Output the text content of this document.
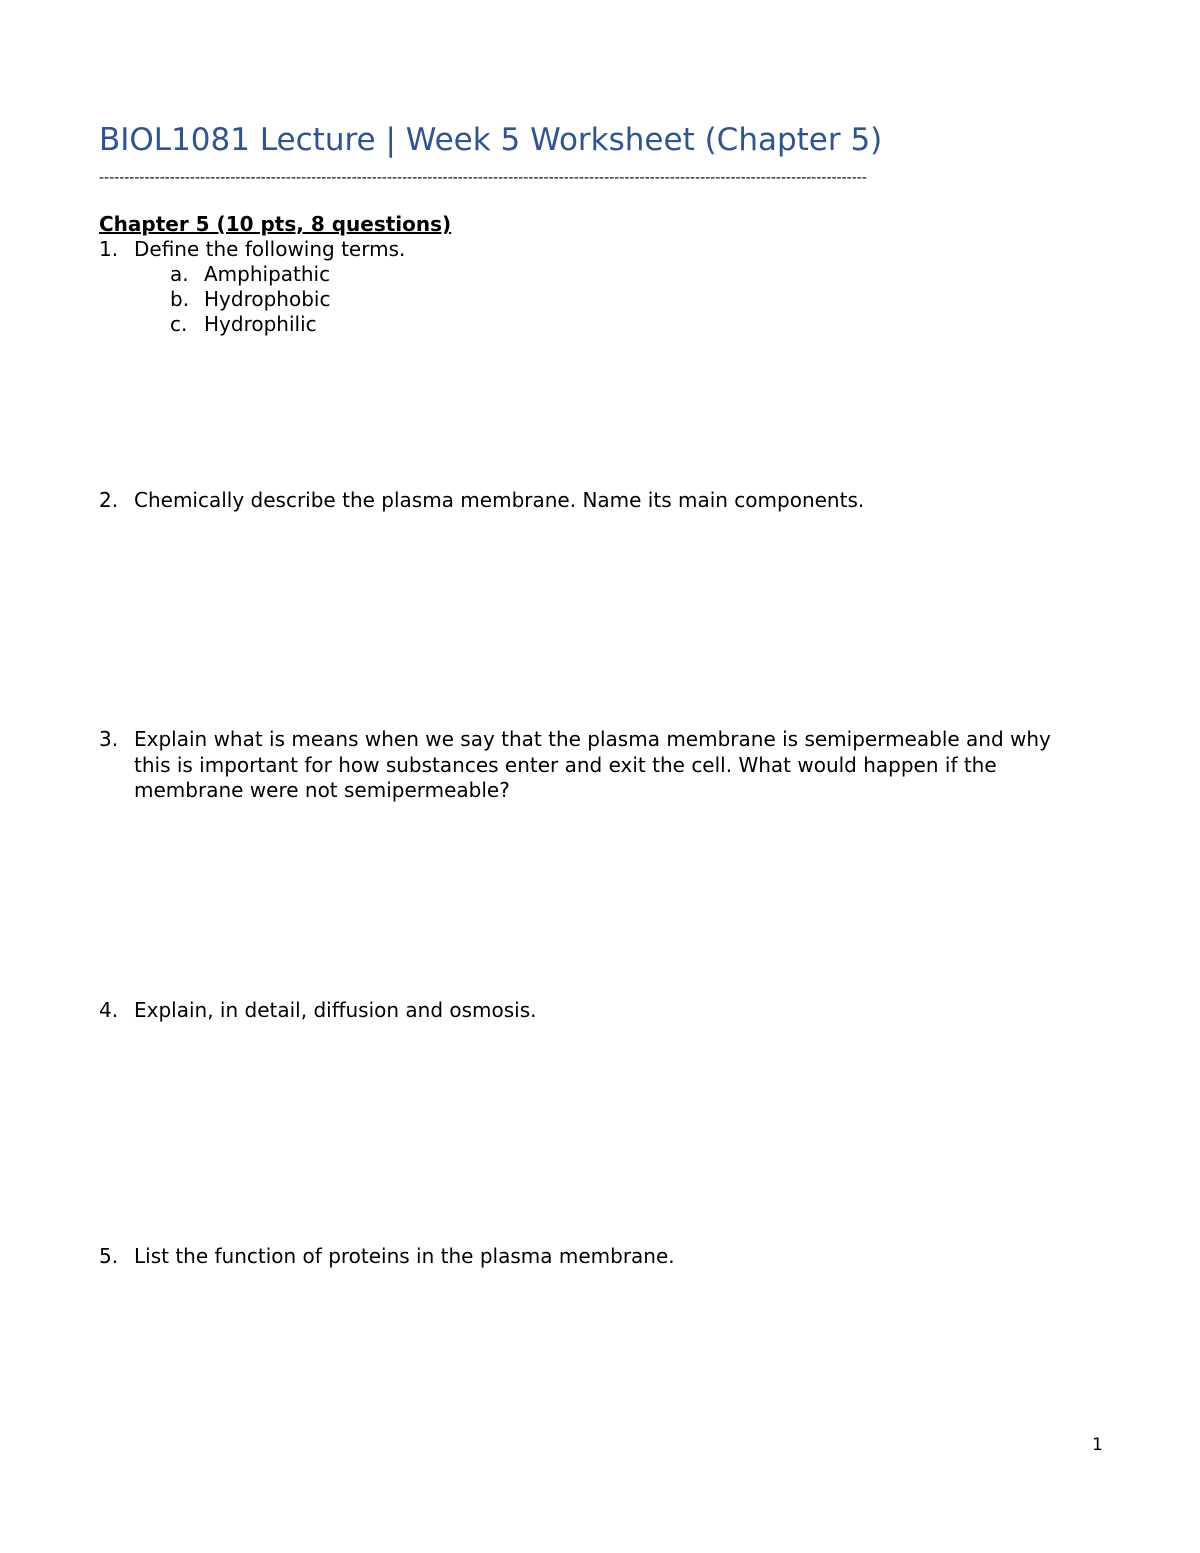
BIOL1081 Lecture | Week 5 Worksheet (Chapter 5)
--------------------------------------------------------------------------------------------------------------------------------------------------------
Chapter 5 (10 pts, 8 questions)
1. Define the following terms.
a. Amphipathic
b. Hydrophobic
c. Hydrophilic
2. Chemically describe the plasma membrane. Name its main components.
3. Explain what is means when we say that the plasma membrane is semipermeable and why this is important for how substances enter and exit the cell. What would happen if the membrane were not semipermeable?
4. Explain, in detail, diffusion and osmosis.
5. List the function of proteins in the plasma membrane.
1
